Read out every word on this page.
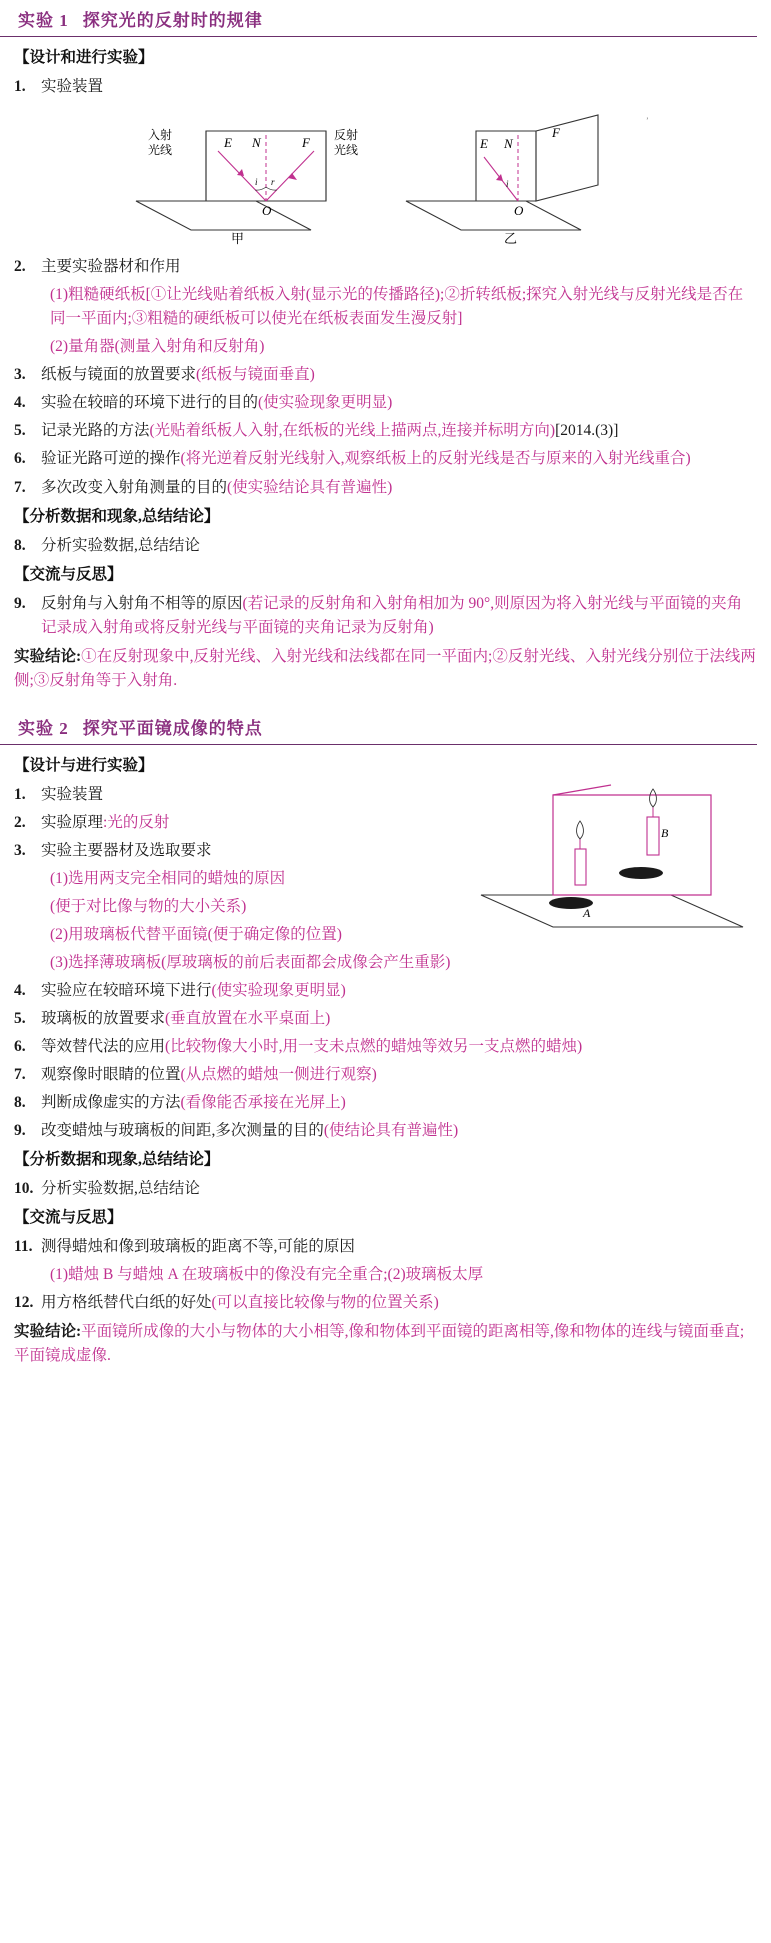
实验 1 探究光的反射时的规律
【设计和进行实验】
1. 实验装置
i r
E N	F
O
入射
光线
反射
光线
甲
E N
F
i
O
乙
ʼ
2. 主要实验器材和作用
(1)粗糙硬纸板[①让光线贴着纸板入射(显示光的传播路径);②折转纸板;探究入射光线与反射光线是否在同一平面内;③粗糙的硬纸板可以使光在纸板表面发生漫反射]
(2)量角器(测量入射角和反射角)
3. 纸板与镜面的放置要求(纸板与镜面垂直)
4. 实验在较暗的环境下进行的目的(使实验现象更明显)
5. 记录光路的方法(光贴着纸板人入射,在纸板的光线上描两点,连接并标明方向)[2014.(3)]
6. 验证光路可逆的操作(将光逆着反射光线射入,观察纸板上的反射光线是否与原来的入射光线重合)
7. 多次改变入射角测量的目的(使实验结论具有普遍性)
【分析数据和现象,总结结论】
8. 分析实验数据,总结结论
【交流与反思】
9. 反射角与入射角不相等的原因(若记录的反射角和入射角相加为 90°,则原因为将入射光线与平面镜的夹角记录成入射角或将反射光线与平面镜的夹角记录为反射角)
实验结论:①在反射现象中,反射光线、入射光线和法线都在同一平面内;②反射光线、入射光线分别位于法线两侧;③反射角等于入射角.
实验 2 探究平面镜成像的特点
【设计与进行实验】
A
B
1. 实验装置
2. 实验原理:光的反射
3. 实验主要器材及选取要求
(1)选用两支完全相同的蜡烛的原因
(便于对比像与物的大小关系)
(2)用玻璃板代替平面镜(便于确定像的位置)
(3)选择薄玻璃板(厚玻璃板的前后表面都会成像会产生重影)
4. 实验应在较暗环境下进行(使实验现象更明显)
5. 玻璃板的放置要求(垂直放置在水平桌面上)
6. 等效替代法的应用(比较物像大小时,用一支未点燃的蜡烛等效另一支点燃的蜡烛)
7. 观察像时眼睛的位置(从点燃的蜡烛一侧进行观察)
8. 判断成像虚实的方法(看像能否承接在光屏上)
9. 改变蜡烛与玻璃板的间距,多次测量的目的(使结论具有普遍性)
【分析数据和现象,总结结论】
10. 分析实验数据,总结结论
【交流与反思】
11. 测得蜡烛和像到玻璃板的距离不等,可能的原因
(1)蜡烛 B 与蜡烛 A 在玻璃板中的像没有完全重合;(2)玻璃板太厚
12. 用方格纸替代白纸的好处(可以直接比较像与物的位置关系)
实验结论:平面镜所成像的大小与物体的大小相等,像和物体到平面镜的距离相等,像和物体的连线与镜面垂直;平面镜成虚像.
